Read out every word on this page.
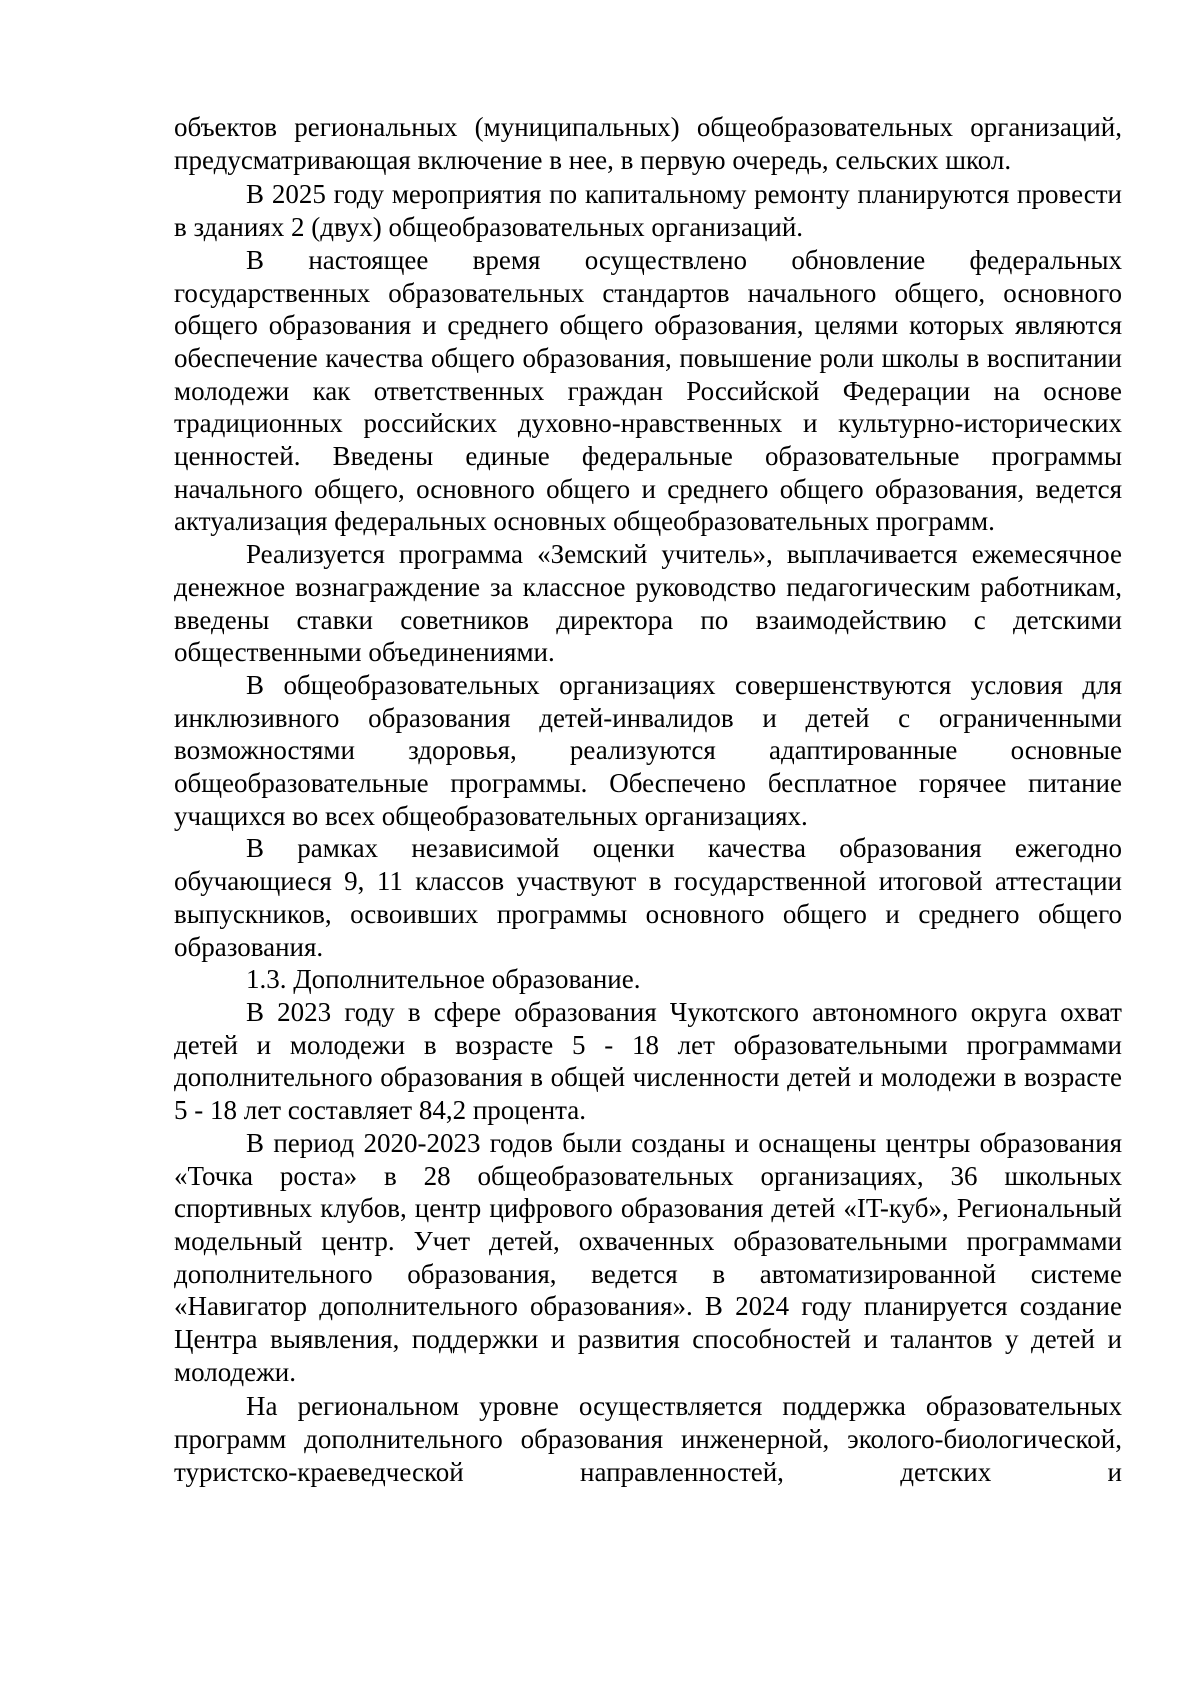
объектов региональных (муниципальных) общеобразовательных организаций, предусматривающая включение в нее, в первую очередь, сельских школ.

В 2025 году мероприятия по капитальному ремонту планируются провести в зданиях 2 (двух) общеобразовательных организаций.

В настоящее время осуществлено обновление федеральных государственных образовательных стандартов начального общего, основного общего образования и среднего общего образования, целями которых являются обеспечение качества общего образования, повышение роли школы в воспитании молодежи как ответственных граждан Российской Федерации на основе традиционных российских духовно-нравственных и культурно-исторических ценностей. Введены единые федеральные образовательные программы начального общего, основного общего и среднего общего образования, ведется актуализация федеральных основных общеобразовательных программ.

Реализуется программа «Земский учитель», выплачивается ежемесячное денежное вознаграждение за классное руководство педагогическим работникам, введены ставки советников директора по взаимодействию с детскими общественными объединениями.

В общеобразовательных организациях совершенствуются условия для инклюзивного образования детей-инвалидов и детей с ограниченными возможностями здоровья, реализуются адаптированные основные общеобразовательные программы. Обеспечено бесплатное горячее питание учащихся во всех общеобразовательных организациях.

В рамках независимой оценки качества образования ежегодно обучающиеся 9, 11 классов участвуют в государственной итоговой аттестации выпускников, освоивших программы основного общего и среднего общего образования.

1.3. Дополнительное образование.

В 2023 году в сфере образования Чукотского автономного округа охват детей и молодежи в возрасте 5 - 18 лет образовательными программами дополнительного образования в общей численности детей и молодежи в возрасте 5 - 18 лет составляет 84,2 процента.

В период 2020-2023 годов были созданы и оснащены центры образования «Точка роста» в 28 общеобразовательных организациях, 36 школьных спортивных клубов, центр цифрового образования детей «IT-куб», Региональный модельный центр. Учет детей, охваченных образовательными программами дополнительного образования, ведется в автоматизированной системе «Навигатор дополнительного образования». В 2024 году планируется создание Центра выявления, поддержки и развития способностей и талантов у детей и молодежи.

На региональном уровне осуществляется поддержка образовательных программ дополнительного образования инженерной, эколого-биологической, туристско-краеведческой направленностей, детских и
